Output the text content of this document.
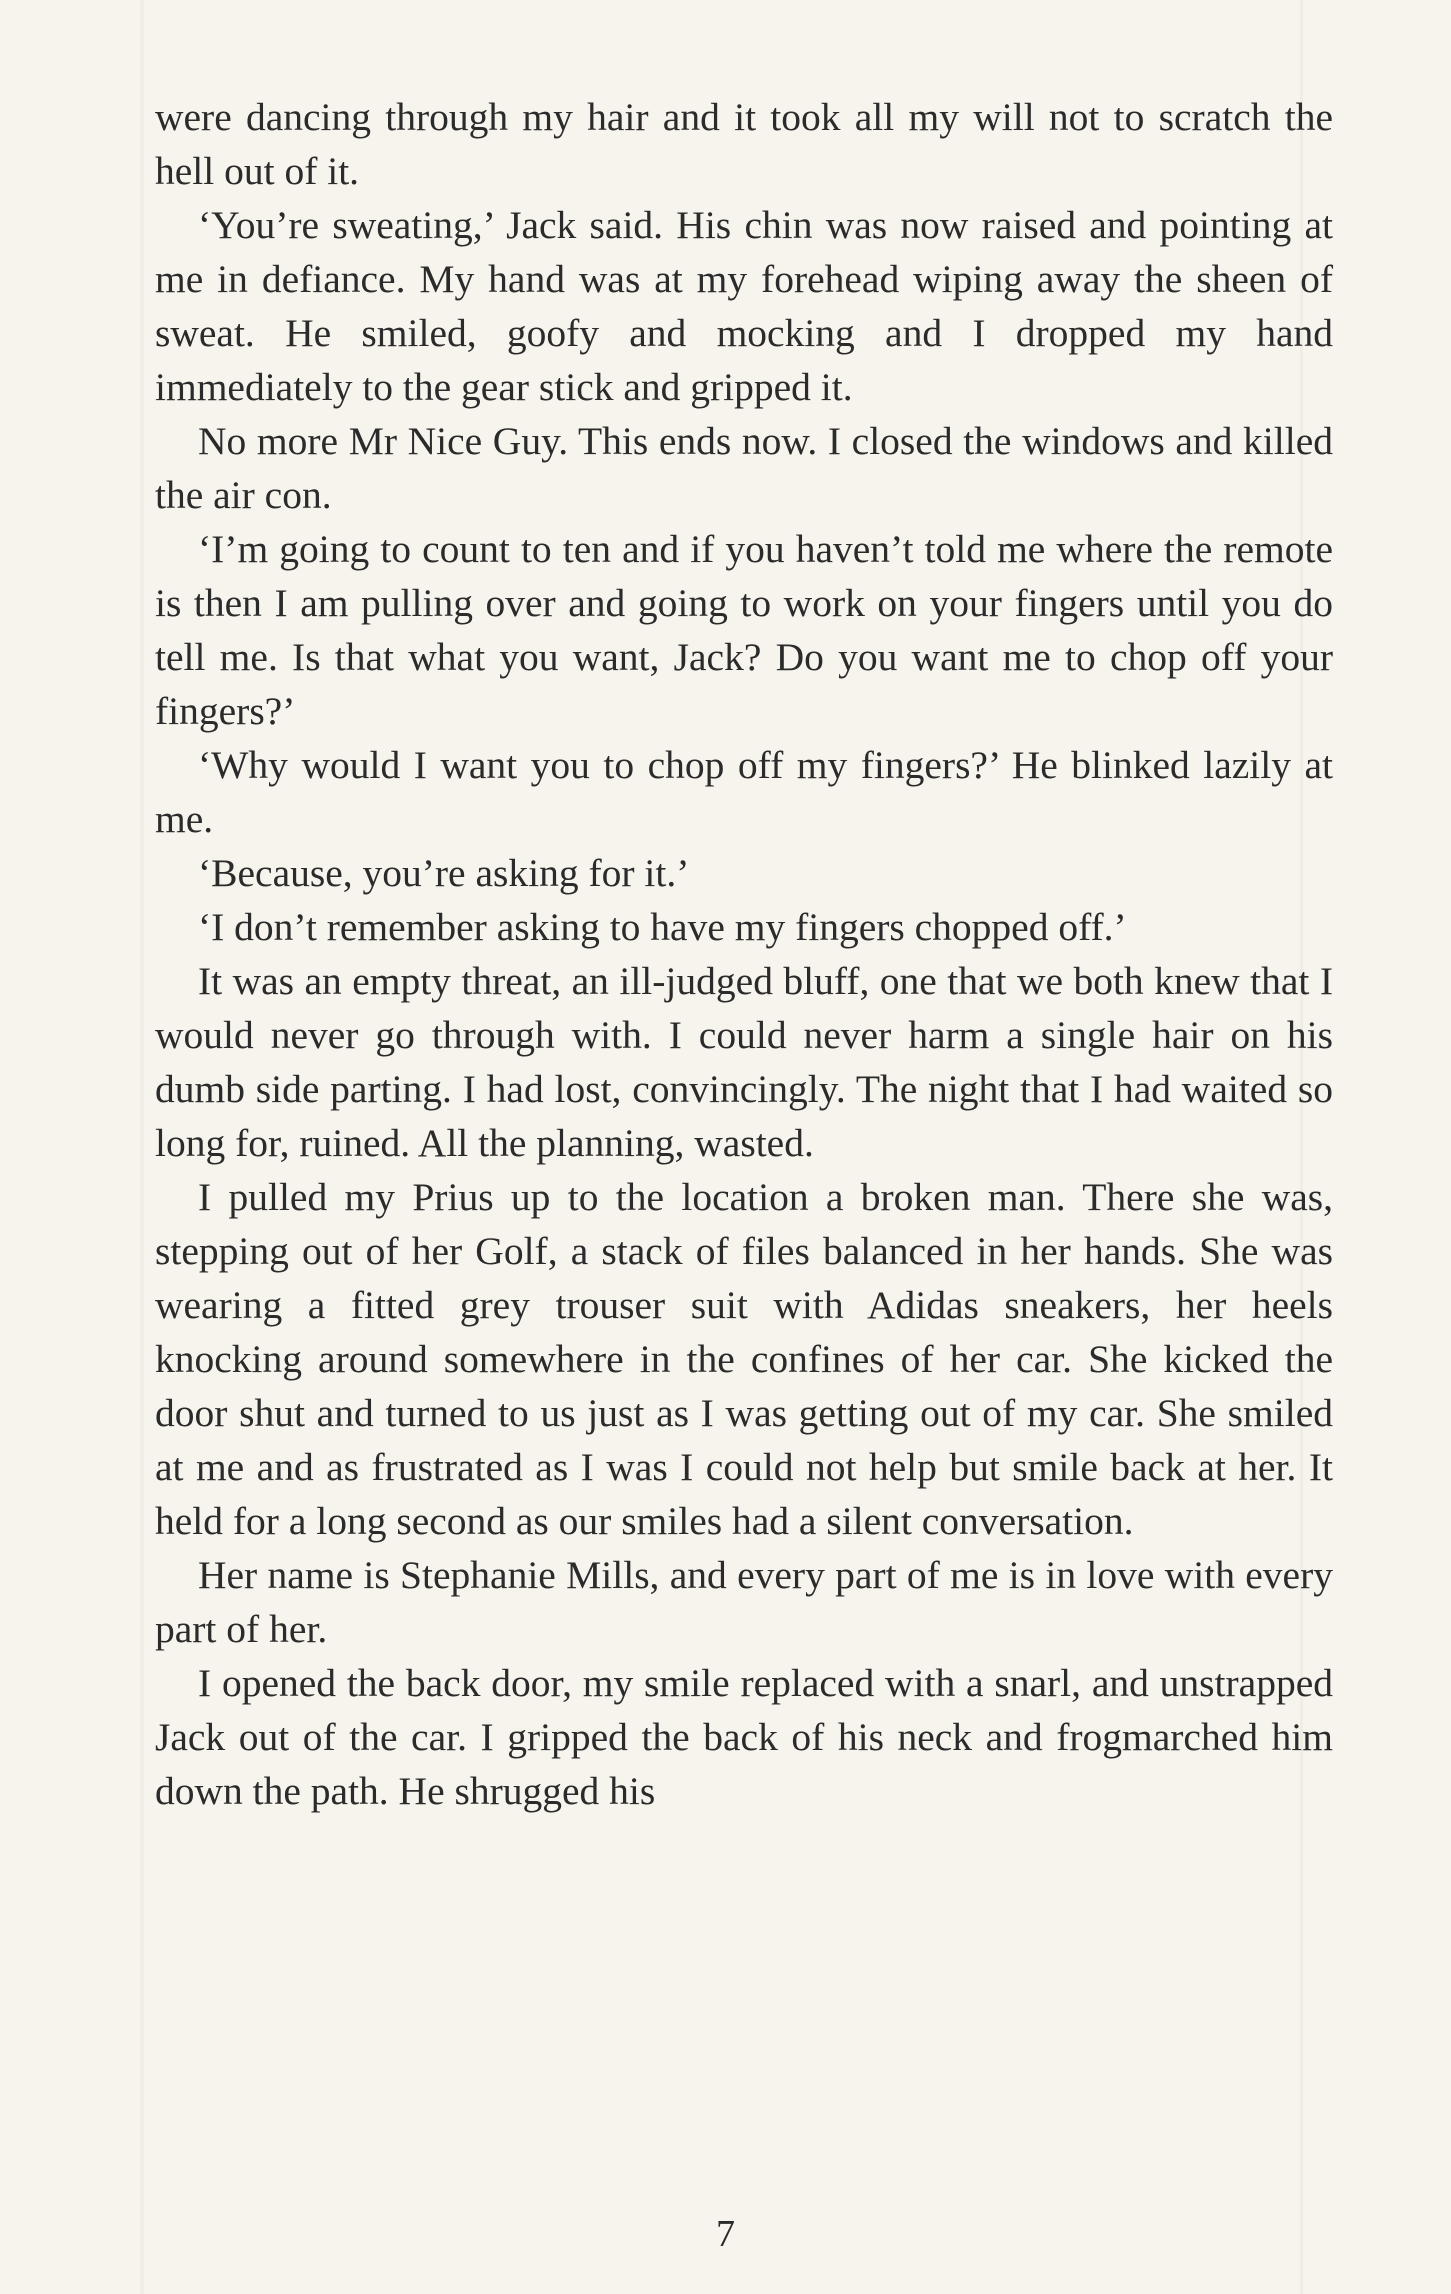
were dancing through my hair and it took all my will not to scratch the hell out of it.

‘You’re sweating,’ Jack said. His chin was now raised and pointing at me in defiance. My hand was at my forehead wiping away the sheen of sweat. He smiled, goofy and mocking and I dropped my hand immediately to the gear stick and gripped it.

No more Mr Nice Guy. This ends now. I closed the windows and killed the air con.

‘I’m going to count to ten and if you haven’t told me where the remote is then I am pulling over and going to work on your fingers until you do tell me. Is that what you want, Jack? Do you want me to chop off your fingers?’

‘Why would I want you to chop off my fingers?’ He blinked lazily at me.

‘Because, you’re asking for it.’

‘I don’t remember asking to have my fingers chopped off.’

It was an empty threat, an ill-judged bluff, one that we both knew that I would never go through with. I could never harm a single hair on his dumb side parting. I had lost, convincingly. The night that I had waited so long for, ruined. All the planning, wasted.

I pulled my Prius up to the location a broken man. There she was, stepping out of her Golf, a stack of files balanced in her hands. She was wearing a fitted grey trouser suit with Adidas sneakers, her heels knocking around somewhere in the confines of her car. She kicked the door shut and turned to us just as I was getting out of my car. She smiled at me and as frustrated as I was I could not help but smile back at her. It held for a long second as our smiles had a silent conversation.

Her name is Stephanie Mills, and every part of me is in love with every part of her.

I opened the back door, my smile replaced with a snarl, and unstrapped Jack out of the car. I gripped the back of his neck and frogmarched him down the path. He shrugged his

7
